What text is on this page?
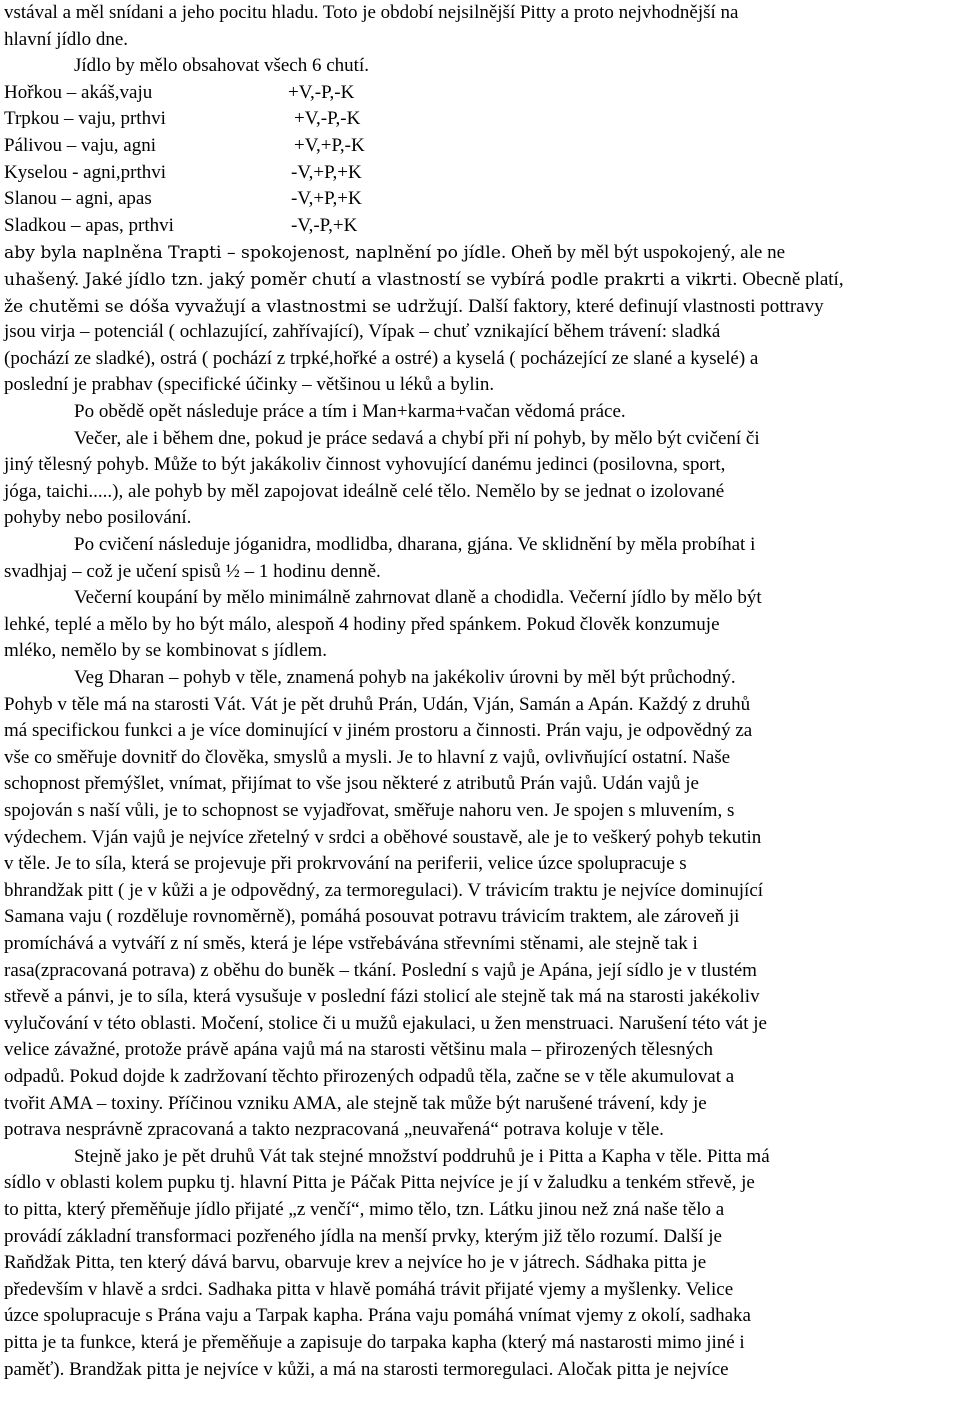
vstával a měl snídani a jeho pocitu hladu. Toto je období nejsilnější Pitty a proto nejvhodnější na
hlavní jídlo dne.
Jídlo by mělo obsahovat všech 6 chutí.
Hořkou – akáš,vaju	+V,-P,-K
Trpkou – vaju, prthvi	+V,-P,-K
Pálivou – vaju, agni	+V,+P,-K
Kyselou - agni,prthvi	-V,+P,+K
Slanou – agni, apas	-V,+P,+K
Sladkou – apas, prthvi	-V,-P,+K
aby byla naplněna Trapti – spokojenost, naplnění po jídle. Oheň by měl být uspokojený, ale ne
uhašený. Jaké jídlo tzn. jaký poměr chutí a vlastností se vybírá podle prakrti a vikrti. Obecně platí,
že chutěmi se dóša vyvažují a vlastnostmi se udržují. Další faktory, které definují vlastnosti pottravy
jsou virja – potenciál ( ochlazující, zahřívající), Vípak – chuť vznikající během trávení: sladká
(pochází ze sladké), ostrá ( pochází z trpké,hořké a ostré) a kyselá ( pocházející ze slané a kyselé) a
poslední je prabhav (specifické účinky – většinou u léků a bylin.
Po obědě opět následuje práce a tím i Man+karma+vačan vědomá práce.
Večer, ale i během dne, pokud je práce sedavá a chybí při ní pohyb, by mělo být cvičení či
jiný tělesný pohyb. Může to být jakákoliv činnost vyhovující danému jedinci (posilovna, sport,
jóga, taichi.....), ale pohyb by měl zapojovat ideálně celé tělo. Nemělo by se jednat o izolované
pohyby nebo posilování.
Po cvičení následuje jóganidra, modlidba, dharana, gjána. Ve sklidnění by měla probíhat i
svadhjaj – což je učení spisů ½ – 1 hodinu denně.
Večerní koupání by mělo minimálně zahrnovat dlaně a chodidla. Večerní jídlo by mělo být
lehké, teplé a mělo by ho být málo, alespoň 4 hodiny před spánkem. Pokud člověk konzumuje
mléko, nemělo by se kombinovat s jídlem.
Veg Dharan – pohyb v těle, znamená pohyb na jakékoliv úrovni by měl být průchodný.
Pohyb v těle má na starosti Vát. Vát je pět druhů Prán, Udán, Vján, Samán a Apán. Každý z druhů
má specifickou funkci a je více dominující v jiném prostoru a činnosti. Prán vaju, je odpovědný za
vše co směřuje dovnitř do člověka, smyslů a mysli. Je to hlavní z vajů, ovlivňující ostatní. Naše
schopnost přemýšlet, vnímat, přijímat to vše jsou některé z atributů Prán vajů. Udán vajů je
spojován s naší vůli, je to schopnost se vyjadřovat, směřuje nahoru ven. Je spojen s mluvením, s
výdechem. Vján vajů je nejvíce zřetelný v srdci a oběhové soustavě, ale je to veškerý pohyb tekutin
v těle. Je to síla, která se projevuje při prokrvování na periferii, velice úzce spolupracuje s
bhrandžak pitt ( je v kůži a je odpovědný, za termoregulaci). V trávicím traktu je nejvíce dominující
Samana vaju ( rozděluje rovnoměrně), pomáhá posouvat potravu trávicím traktem, ale zároveň ji
promíchává a vytváří z ní směs, která je lépe vstřebávána střevními stěnami, ale stejně tak i
rasa(zpracovaná potrava) z oběhu do buněk – tkání. Poslední s vajů je Apána, její sídlo je v tlustém
střevě a pánvi, je to síla, která vysušuje v poslední fázi stolicí ale stejně tak má na starosti jakékoliv
vylučování v této oblasti. Močení, stolice či u mužů ejakulaci, u žen menstruaci. Narušení této vát je
velice závažné, protože právě apána vajů má na starosti většinu mala – přirozených tělesných
odpadů. Pokud dojde k zadržovaní těchto přirozených odpadů těla, začne se v těle akumulovat a
tvořit AMA – toxiny. Příčinou vzniku AMA, ale stejně tak může být narušené trávení, kdy je
potrava nesprávně zpracovaná a takto nezpracovaná „neuvařená“ potrava koluje v těle.
Stejně jako je pět druhů Vát tak stejné množství poddruhů je i Pitta a Kapha v těle. Pitta má
sídlo v oblasti kolem pupku tj. hlavní Pitta je Páčak Pitta nejvíce je jí v žaludku a tenkém střevě, je
to pitta, který přeměňuje jídlo přijaté „z venčí“, mimo tělo, tzn. Látku jinou než zná naše tělo a
provádí základní transformaci pozřeného jídla na menší prvky, kterým již tělo rozumí. Další je
Raňdžak Pitta, ten který dává barvu, obarvuje krev a nejvíce ho je v játrech. Sádhaka pitta je
především v hlavě a srdci. Sadhaka pitta v hlavě pomáhá trávit přijaté vjemy a myšlenky. Velice
úzce spolupracuje s Prána vaju a Tarpak kapha. Prána vaju pomáhá vnímat vjemy z okolí, sadhaka
pitta je ta funkce, která je přeměňuje a zapisuje do tarpaka kapha (který má nastarosti mimo jiné i
paměť). Brandžak pitta je nejvíce v kůži, a má na starosti termoregulaci. Aločak pitta je nejvíce
